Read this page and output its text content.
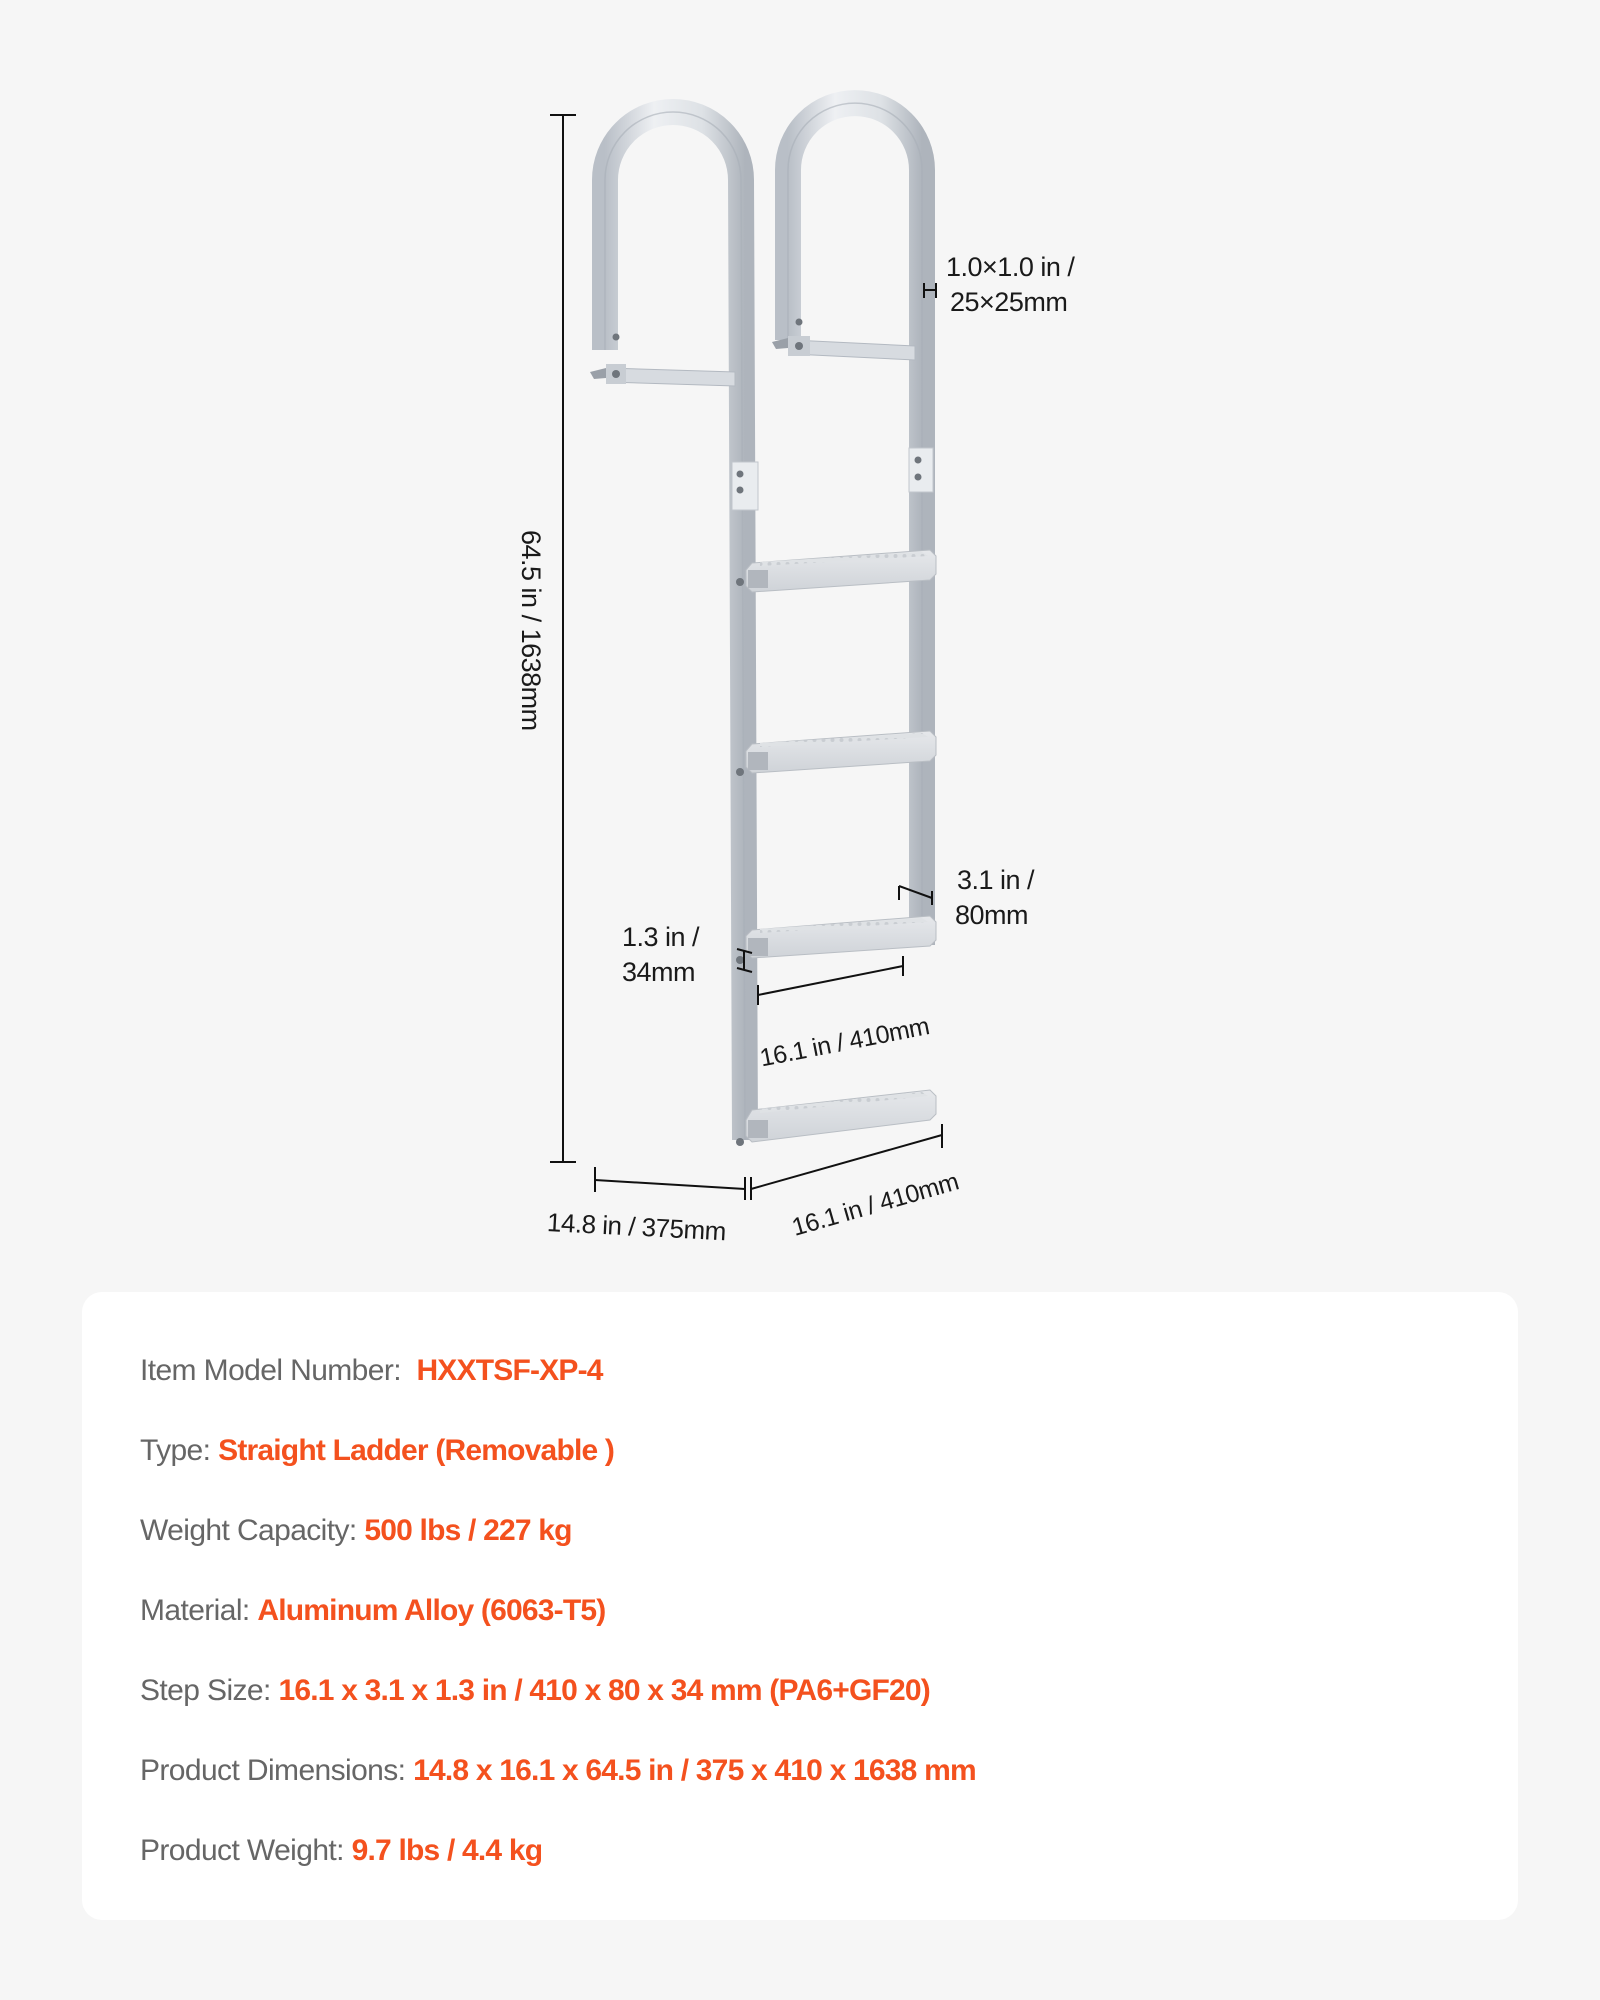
64.5 in / 1638mm
1.0×1.0 in /
25×25mm
3.1 in /
80mm
1.3 in /
34mm
16.1 in / 410mm
14.8 in / 375mm 16.1 in / 410mm
Item Model Number:  HXXTSF-XP-4
Type: Straight Ladder (Removable )
Weight Capacity: 500 lbs / 227 kg
Material: Aluminum Alloy (6063-T5)
Step Size: 16.1 x 3.1 x 1.3 in / 410 x 80 x 34 mm (PA6+GF20)
Product Dimensions: 14.8 x 16.1 x 64.5 in / 375 x 410 x 1638 mm
Product Weight: 9.7 lbs / 4.4 kg
